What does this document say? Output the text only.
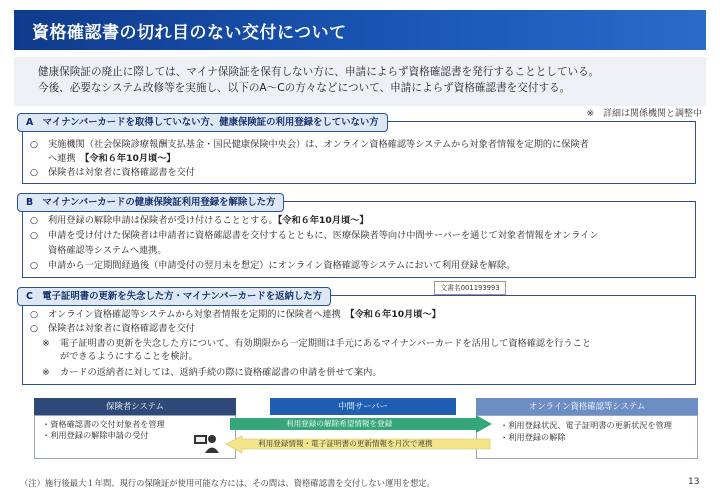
資格確認書の切れ目のない交付について

健康保険証の廃止に際しては、マイナ保険証を保有しない方に、申請によらず資格確認書を発行することとしている。

今後、必要なシステム改修等を実施し、以下のA～Cの方々などについて、申請によらず資格確認書を交付する。

※　詳細は関係機関と調整中
A　マイナンバーカードを取得していない方、健康保険証の利用登録をしていない方
○ 実施機関（社会保険診療報酬支払基金・国民健康保険中央会）は、オンライン資格確認等システムから対象者情報を定期的に保険者
へ連携　【令和６年10月頃～】
○ 保険者は対象者に資格確認書を交付
B　マイナンバーカードの健康保険証利用登録を解除した方
○ 利用登録の解除申請は保険者が受け付けることとする。【令和６年10月頃～】
○ 申請を受け付けた保険者は申請者に資格確認書を交付するとともに、医療保険者等向け中間サーバーを通じて対象者情報をオンライン
資格確認等システムへ連携。
○ 申請から一定期間経過後（申請受付の翌月末を想定）にオンライン資格確認等システムにおいて利用登録を解除。
C　電子証明書の更新を失念した方・マイナンバーカードを返納した方
文書名001193993
○ オンライン資格確認等システムから対象者情報を定期的に保険者へ連携　【令和６年10月頃～】
○ 保険者は対象者に資格確認書を交付
※ 電子証明書の更新を失念した方について、有効期限から一定期間は手元にあるマイナンバーカードを活用して資格確認を行うこと
ができるようにすることを検討。
※ カードの返納者に対しては、返納手続の際に資格確認書の申請を併せて案内。
保険者システム
・資格確認書の交付対象者を管理
・利用登録の解除申請の受付
中間サーバー	オンライン資格確認等システム
・利用登録状況、電子証明書の更新状況を管理
・利用登録の解除
利用登録の解除希望情報を登録
利用登録情報・電子証明書の更新情報を月次で連携
（注）施行後最大１年間、現行の保険証が使用可能な方には、その間は、資格確認書を交付しない運用を想定。	13
